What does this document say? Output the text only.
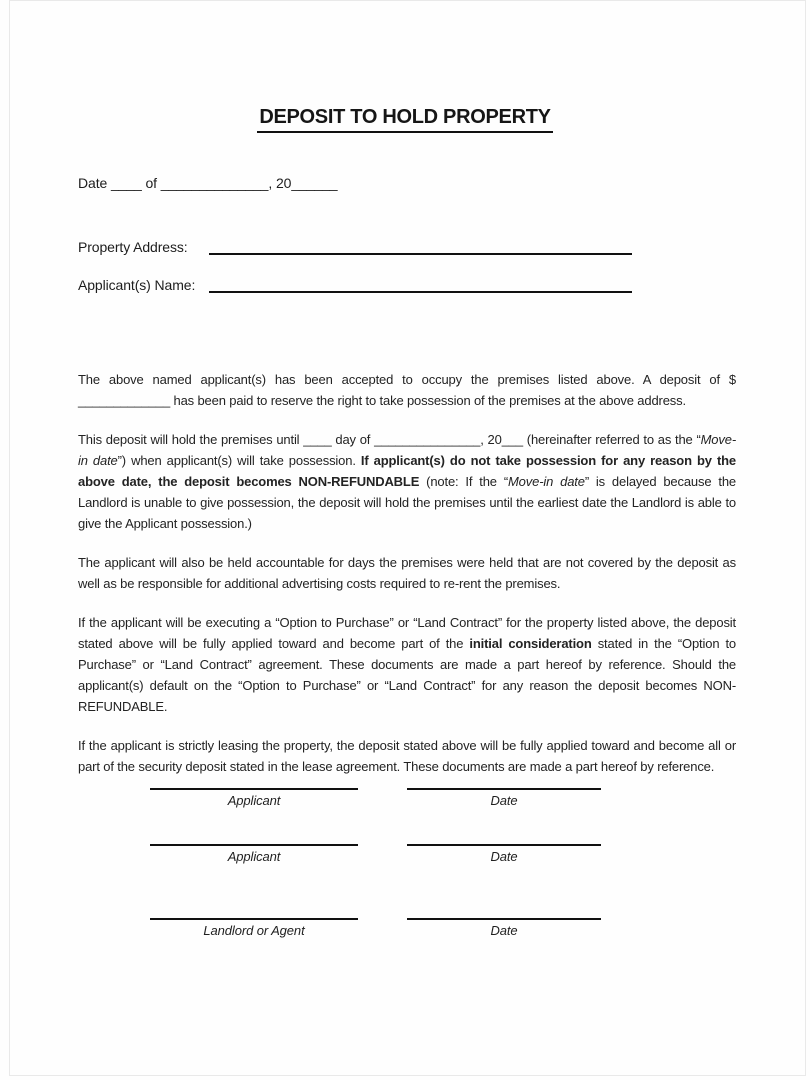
DEPOSIT TO HOLD PROPERTY
Date ____ of ______________, 20______
Property Address:
Applicant(s) Name:

The above named applicant(s) has been accepted to occupy the premises listed above. A deposit of $ _____________ has been paid to reserve the right to take possession of the premises at the above address.

This deposit will hold the premises until ____ day of _______________, 20___ (hereinafter referred to as the “Move-in date”) when applicant(s) will take possession. If applicant(s) do not take possession for any reason by the above date, the deposit becomes NON-REFUNDABLE (note: If the “Move-in date” is delayed because the Landlord is unable to give possession, the deposit will hold the premises until the earliest date the Landlord is able to give the Applicant possession.)

The applicant will also be held accountable for days the premises were held that are not covered by the deposit as well as be responsible for additional advertising costs required to re-rent the premises.

If the applicant will be executing a “Option to Purchase” or “Land Contract” for the property listed above, the deposit stated above will be fully applied toward and become part of the initial consideration stated in the “Option to Purchase” or “Land Contract” agreement. These documents are made a part hereof by reference. Should the applicant(s) default on the “Option to Purchase” or “Land Contract” for any reason the deposit becomes NON-REFUNDABLE.

If the applicant is strictly leasing the property, the deposit stated above will be fully applied toward and become all or part of the security deposit stated in the lease agreement. These documents are made a part hereof by reference.

Applicant	Date
Applicant	Date
Landlord or Agent	Date
